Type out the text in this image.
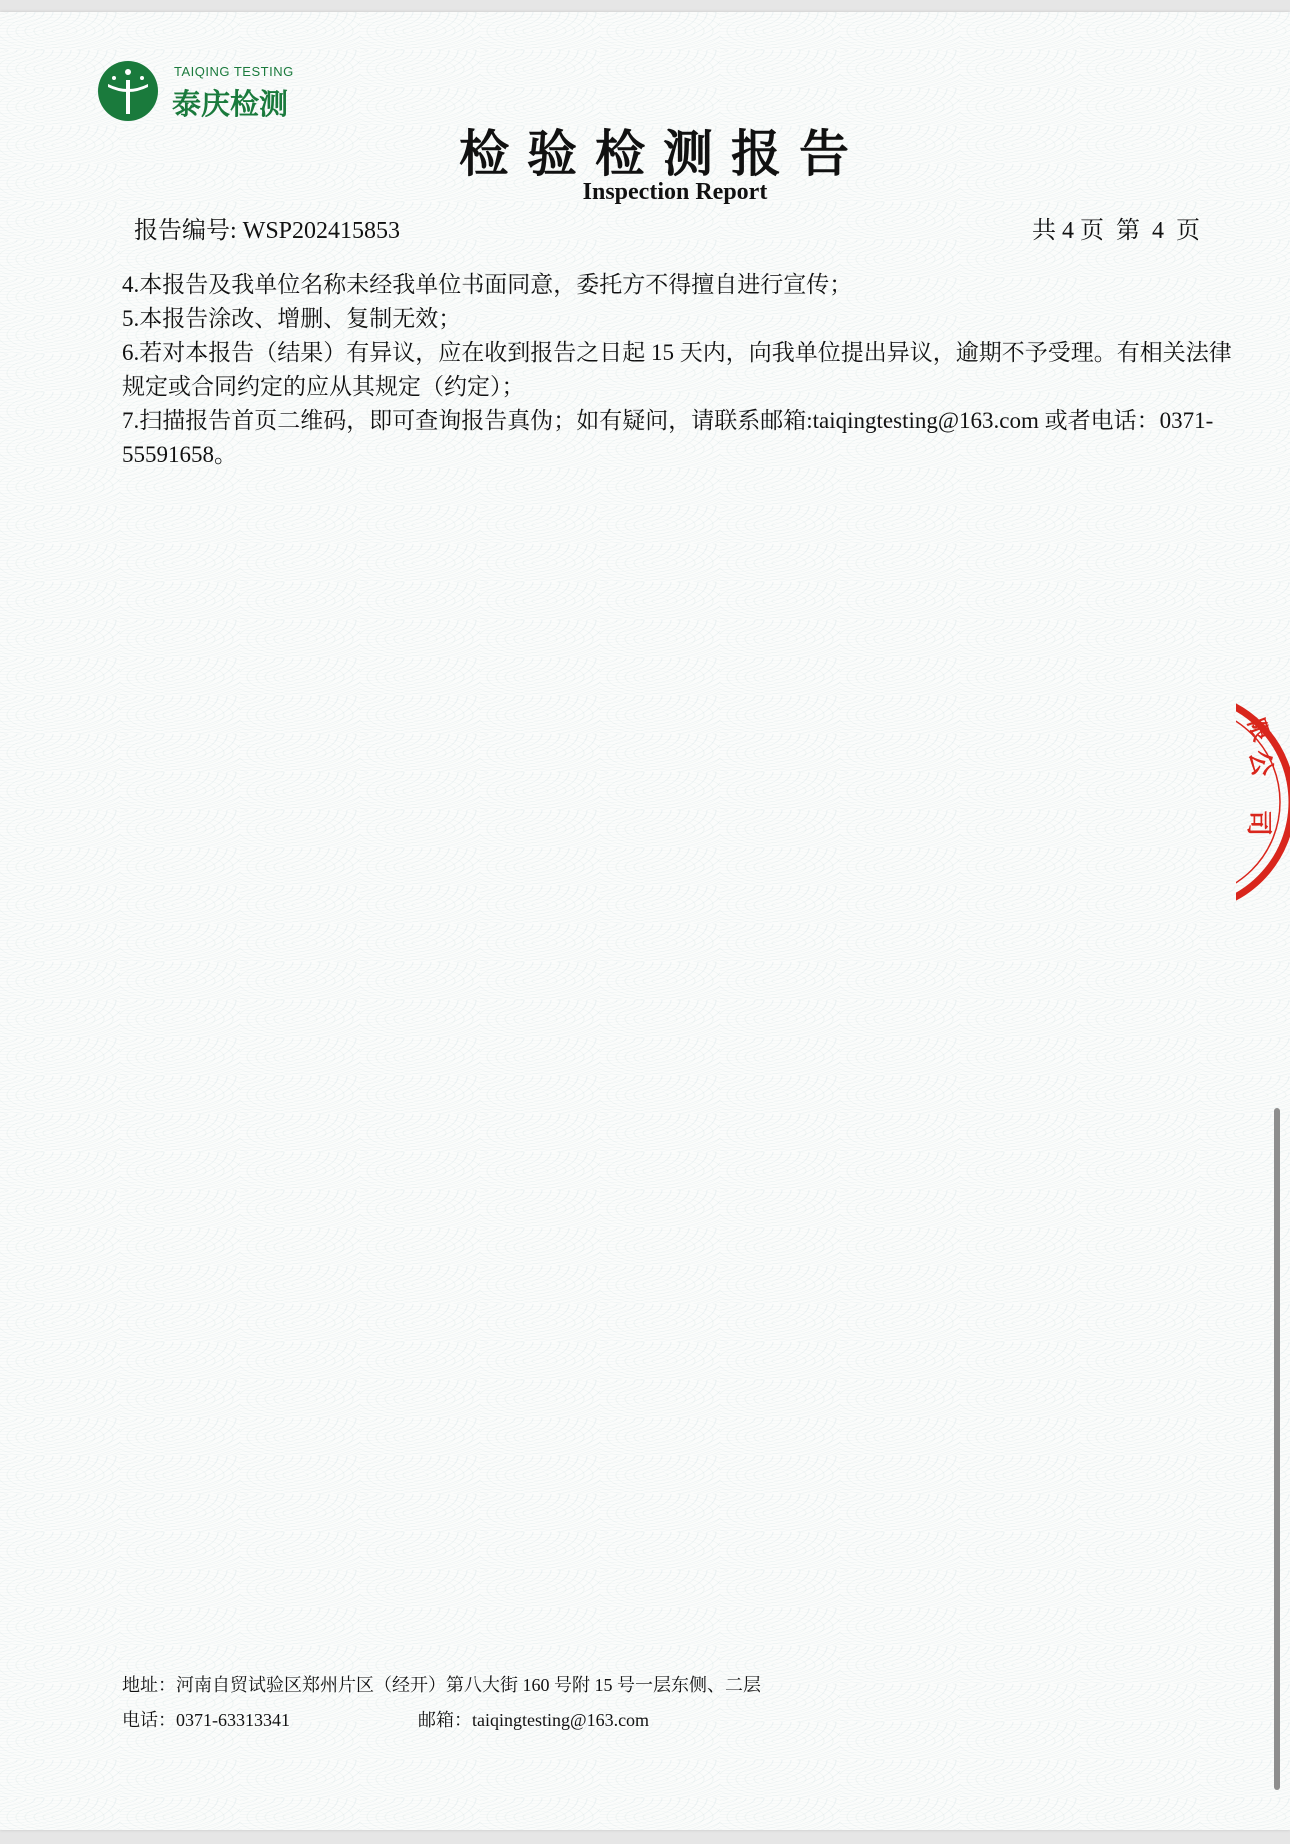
TAIQING TESTING
泰庆检测
检验检测报告
Inspection Report
报告编号: WSP202415853	共 4 页  第  4  页

4.本报告及我单位名称未经我单位书面同意，委托方不得擅自进行宣传；

5.本报告涂改、增删、复制无效；

6.若对本报告（结果）有异议，应在收到报告之日起 15 天内，向我单位提出异议，逾期不予受理。有相关法律规定或合同约定的应从其规定（约定）；

7.扫描报告首页二维码，即可查询报告真伪；如有疑问，请联系邮箱:taiqingtesting@163.com 或者电话：0371-55591658。

地址：河南自贸试验区郑州片区（经开）第八大街 160 号附 15 号一层东侧、二层
电话：0371-63313341	邮箱：taiqingtesting@163.com
公
司
限
